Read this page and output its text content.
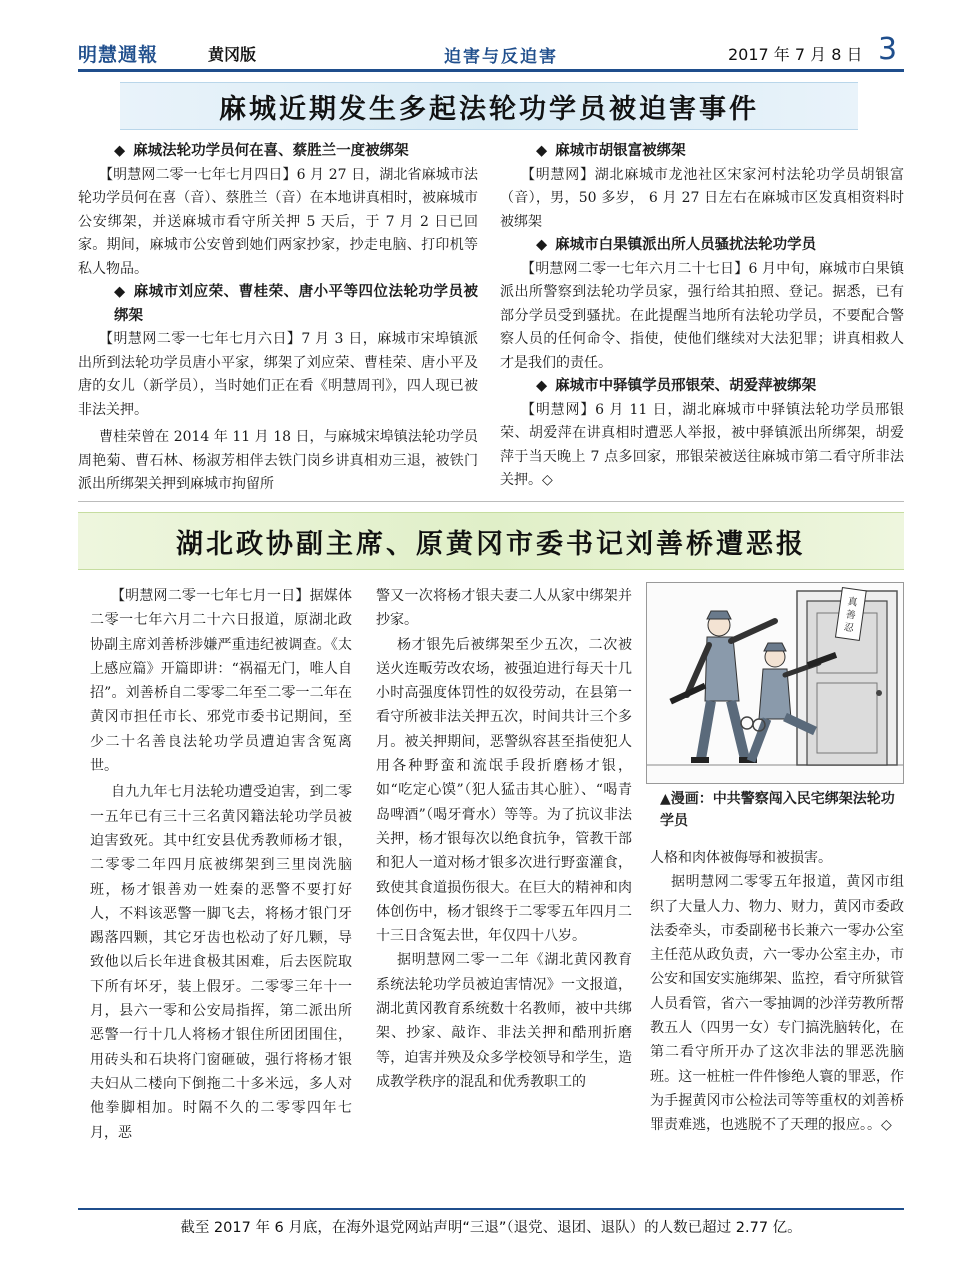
明慧週報	黄冈版	迫害与反迫害	2017 年 7 月 8 日 3
麻城近期发生多起法轮功学员被迫害事件
◆ 麻城法轮功学员何在喜、蔡胜兰一度被绑架

【明慧网二零一七年七月四日】6 月 27 日，湖北省麻城市法轮功学员何在喜（音）、蔡胜兰（音）在本地讲真相时，被麻城市公安绑架，并送麻城市看守所关押 5 天后，于 7 月 2 日已回家。期间，麻城市公安曾到她们两家抄家，抄走电脑、打印机等私人物品。

◆ 麻城市刘应荣、曹桂荣、唐小平等四位法轮功学员被绑架

【明慧网二零一七年七月六日】7 月 3 日，麻城市宋埠镇派出所到法轮功学员唐小平家，绑架了刘应荣、曹桂荣、唐小平及唐的女儿（新学员），当时她们正在看《明慧周刊》，四人现已被非法关押。

曹桂荣曾在 2014 年 11 月 18 日，与麻城宋埠镇法轮功学员周艳菊、曹石林、杨淑芳相伴去铁门岗乡讲真相劝三退，被铁门派出所绑架关押到麻城市拘留所

◆ 麻城市胡银富被绑架

【明慧网】湖北麻城市龙池社区宋家河村法轮功学员胡银富（音），男，50 多岁， 6 月 27 日左右在麻城市区发真相资料时被绑架

◆ 麻城市白果镇派出所人员骚扰法轮功学员

【明慧网二零一七年六月二十七日】6 月中旬，麻城市白果镇派出所警察到法轮功学员家，强行给其拍照、登记。据悉，已有部分学员受到骚扰。在此提醒当地所有法轮功学员，不要配合警察人员的任何命令、指使，使他们继续对大法犯罪；讲真相救人才是我们的责任。

◆ 麻城市中驿镇学员邢银荣、胡爱萍被绑架

【明慧网】6 月 11 日，湖北麻城市中驿镇法轮功学员邢银荣、胡爱萍在讲真相时遭恶人举报，被中驿镇派出所绑架，胡爱萍于当天晚上 7 点多回家，邢银荣被送往麻城市第二看守所非法关押。◇

湖北政协副主席、原黄冈市委书记刘善桥遭恶报

【明慧网二零一七年七月一日】据媒体二零一七年六月二十六日报道，原湖北政协副主席刘善桥涉嫌严重违纪被调查。《太上感应篇》开篇即讲：“祸福无门，唯人自招”。刘善桥自二零零二年至二零一二年在黄冈市担任市长、邪党市委书记期间，至少二十名善良法轮功学员遭迫害含冤离世。

自九九年七月法轮功遭受迫害，到二零一五年已有三十三名黄冈籍法轮功学员被迫害致死。其中红安县优秀教师杨才银，二零零二年四月底被绑架到三里岗洗脑班，杨才银善劝一姓秦的恶警不要打好人，不料该恶警一脚飞去，将杨才银门牙踢落四颗，其它牙齿也松动了好几颗，导致他以后长年进食极其困难，后去医院取下所有坏牙，装上假牙。二零零三年十一月，县六一零和公安局指挥，第二派出所恶警一行十几人将杨才银住所团团围住，用砖头和石块将门窗砸破，强行将杨才银夫妇从二楼向下倒拖二十多米远，多人对他拳脚相加。时隔不久的二零零四年七月，恶

警又一次将杨才银夫妻二人从家中绑架并抄家。

杨才银先后被绑架至少五次，二次被送火连畈劳改农场，被强迫进行每天十几小时高强度体罚性的奴役劳动，在县第一看守所被非法关押五次，时间共计三个多月。被关押期间，恶警纵容甚至指使犯人用各种野蛮和流氓手段折磨杨才银，如“吃定心馍”（犯人猛击其心脏）、“喝青岛啤酒”（喝牙膏水）等等。为了抗议非法关押，杨才银每次以绝食抗争，管教干部和犯人一道对杨才银多次进行野蛮灌食，致使其食道损伤很大。在巨大的精神和肉体创伤中，杨才银终于二零零五年四月二十三日含冤去世，年仅四十八岁。

据明慧网二零一二年《湖北黄冈教育系统法轮功学员被迫害情况》一文报道，湖北黄冈教育系统数十名教师，被中共绑架、抄家、敲诈、非法关押和酷刑折磨等，迫害并殃及众多学校领导和学生，造成教学秩序的混乱和优秀教职工的

真
善
忍
▲漫画：中共警察闯入民宅绑架法轮功学员

人格和肉体被侮辱和被损害。

据明慧网二零零五年报道，黄冈市组织了大量人力、物力、财力，黄冈市委政法委牵头，市委副秘书长兼六一零办公室主任范从政负责，六一零办公室主办，市公安和国安实施绑架、监控，看守所狱管人员看管，省六一零抽调的沙洋劳教所帮教五人（四男一女）专门搞洗脑转化，在第二看守所开办了这次非法的罪恶洗脑班。这一桩桩一件件惨绝人寰的罪恶，作为手握黄冈市公检法司等等重权的刘善桥罪责难逃，也逃脱不了天理的报应。。◇

截至 2017 年 6 月底，在海外退党网站声明“三退”（退党、退团、退队）的人数已超过 2.77 亿。
